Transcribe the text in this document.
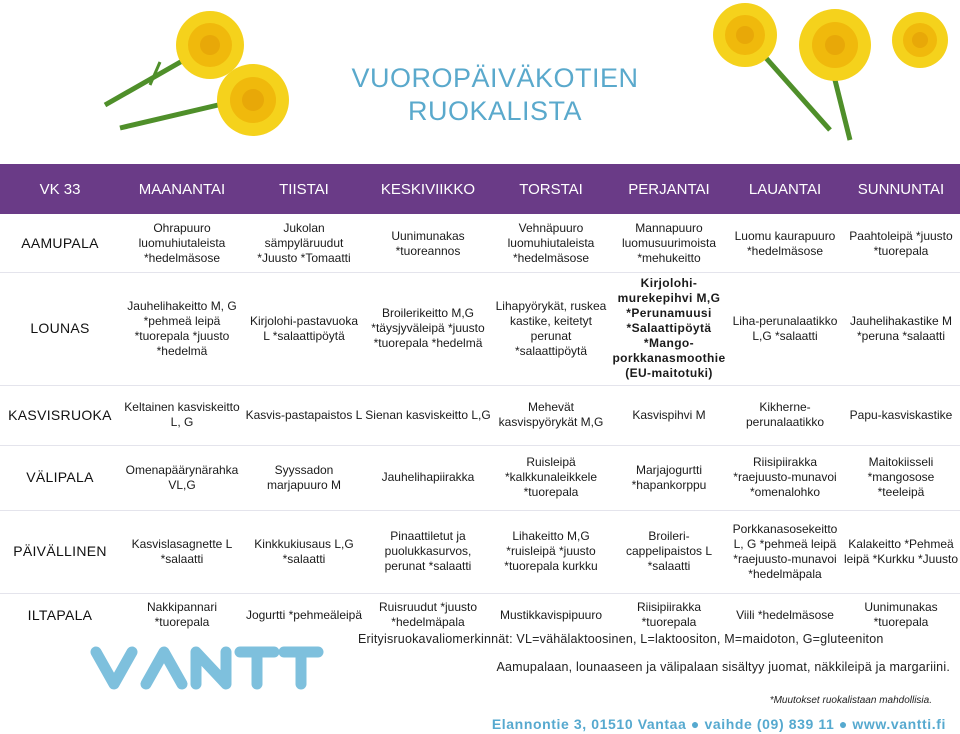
VUOROPÄIVÄKOTIEN
RUOKALISTA
VK 33	MAANANTAI	TIISTAI	KESKIVIIKKO	TORSTAI	PERJANTAI	LAUANTAI	SUNNUNTAI
AAMUPALA	Ohrapuuro luomuhiutaleista *hedelmäsose	Jukolan sämpyläruudut *Juusto *Tomaatti	Uunimunakas *tuoreannos	Vehnäpuuro luomuhiutaleista *hedelmäsose	Mannapuuro luomusuurimoista *mehukeitto	Luomu kaurapuuro *hedelmäsose	Paahtoleipä *juusto *tuorepala
LOUNAS	Jauhelihakeitto M, G *pehmeä leipä *tuorepala *juusto *hedelmä	Kirjolohi-pastavuoka L *salaattipöytä	Broilerikeitto M,G *täysjyväleipä *juusto *tuorepala *hedelmä	Lihapyörykät, ruskea kastike, keitetyt perunat *salaattipöytä	Kirjolohi-murekepihvi M,G *Perunamuusi *Salaattipöytä *Mango-porkkanasmoothie (EU-maitotuki)	Liha-perunalaatikko L,G *salaatti	Jauhelihakastike M *peruna *salaatti
KASVISRUOKA	Keltainen kasviskeitto L, G	Kasvis-pastapaistos L	Sienan kasviskeitto L,G	Mehevät kasvispyörykät M,G	Kasvispihvi M	Kikherne-perunalaatikko	Papu-kasviskastike
VÄLIPALA	Omenapäärynärahka VL,G	Syyssadon marjapuuro M	Jauhelihapiirakka	Ruisleipä *kalkkunaleikkele *tuorepala	Marjajogurtti *hapankorppu	Riisipiirakka *raejuusto-munavoi *omenalohko	Maitokiisseli *mangosose *teeleipä
PÄIVÄLLINEN	Kasvislasagnette L *salaatti	Kinkkukiusaus L,G *salaatti	Pinaattiletut ja puolukkasurvos, perunat *salaatti	Lihakeitto M,G *ruisleipä *juusto *tuorepala kurkku	Broileri-cappelipaistos L *salaatti	Porkkanasosekeitto L, G *pehmeä leipä *raejuusto-munavoi *hedelmäpala	Kalakeitto *Pehmeä leipä *Kurkku *Juusto
ILTAPALA	Nakkipannari *tuorepala	Jogurtti *pehmeäleipä	Ruisruudut *juusto *hedelmäpala	Mustikkavispipuuro	Riisipiirakka *tuorepala	Viili *hedelmäsose	Uunimunakas *tuorepala
Erityisruokavaliomerkinnät: VL=vähälaktoosinen, L=laktoositon, M=maidoton, G=gluteeniton
Aamupalaan, lounaaseen ja välipalaan sisältyy juomat, näkkileipä ja margariini.
*Muutokset ruokalistaan mahdollisia.
Elannontie 3, 01510 Vantaa ● vaihde (09) 839 11 ● www.vantti.fi
